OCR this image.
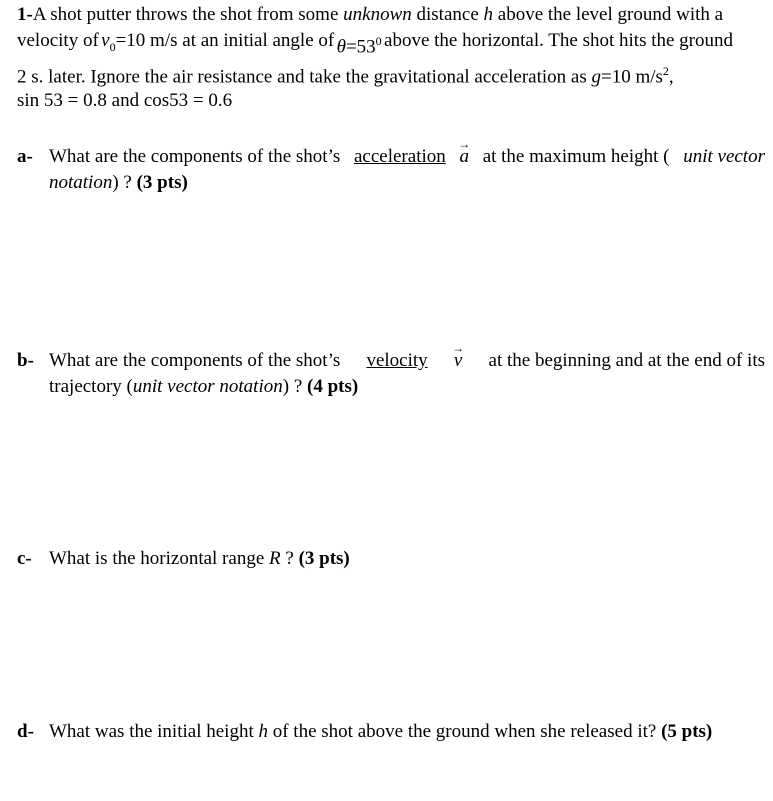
1-A shot putter throws the shot from some unknown distance h above the level ground with a
velocity of $v_0=10$ m/s at an initial angle of $\theta=53^0$ above the horizontal. The shot hits the ground
2 s. later. Ignore the air resistance and take the gravitational acceleration as g=10 $m/s^2$,
sin 53 = 0.8 and cos53 = 0.6
a- What are the components of the shot’s acceleration
→
a at the maximum height ( unit vector
notation) ? (3 pts)
b- What are the components of the shot’s velocity
→
v at the beginning and at the end of its
trajectory (unit vector notation) ? (4 pts)
c- What is the horizontal range R ? (3 pts)
d- What was the initial height h of the shot above the ground when she released it? (5 pts)
